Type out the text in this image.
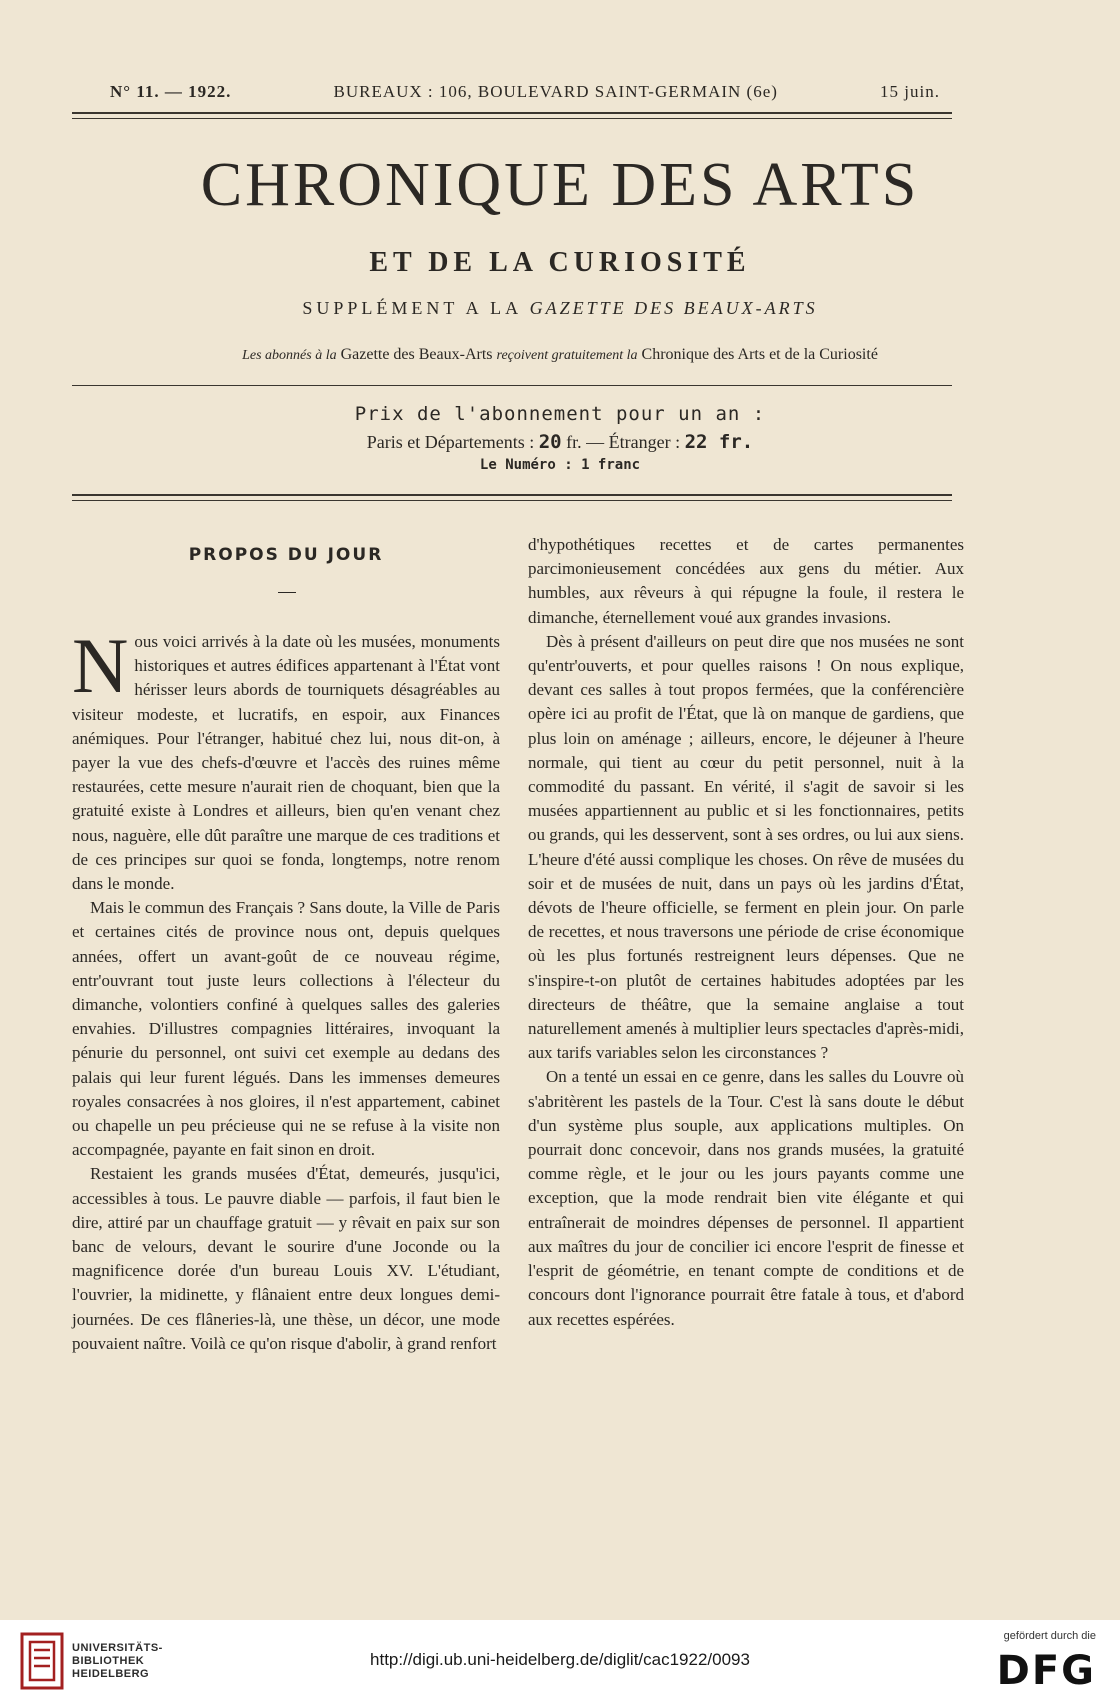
N° 11. — 1922.	BUREAUX : 106, BOULEVARD SAINT-GERMAIN (6e)	15 juin.
CHRONIQUE DES ARTS
ET DE LA CURIOSITÉ
SUPPLÉMENT A LA GAZETTE DES BEAUX-ARTS
Les abonnés à la Gazette des Beaux-Arts reçoivent gratuitement la Chronique des Arts et de la Curiosité
Prix de l'abonnement pour un an :
Paris et Départements : 20 fr. — Étranger : 22 fr.
Le Numéro : 1 franc
PROPOS DU JOUR

Nous voici arrivés à la date où les musées, monuments historiques et autres édifices appartenant à l'État vont hérisser leurs abords de tourniquets désagréables au visiteur modeste, et lucratifs, en espoir, aux Finances anémiques. Pour l'étranger, habitué chez lui, nous dit-on, à payer la vue des chefs-d'œuvre et l'accès des ruines même restaurées, cette mesure n'aurait rien de choquant, bien que la gratuité existe à Londres et ailleurs, bien qu'en venant chez nous, naguère, elle dût paraître une marque de ces traditions et de ces principes sur quoi se fonda, longtemps, notre renom dans le monde.

Mais le commun des Français ? Sans doute, la Ville de Paris et certaines cités de province nous ont, depuis quelques années, offert un avant-goût de ce nouveau régime, entr'ouvrant tout juste leurs collections à l'électeur du dimanche, volontiers confiné à quelques salles des galeries envahies. D'illustres compagnies littéraires, invoquant la pénurie du personnel, ont suivi cet exemple au dedans des palais qui leur furent légués. Dans les immenses demeures royales consacrées à nos gloires, il n'est appartement, cabinet ou chapelle un peu précieuse qui ne se refuse à la visite non accompagnée, payante en fait sinon en droit.

Restaient les grands musées d'État, demeurés, jusqu'ici, accessibles à tous. Le pauvre diable — parfois, il faut bien le dire, attiré par un chauffage gratuit — y rêvait en paix sur son banc de velours, devant le sourire d'une Joconde ou la magnificence dorée d'un bureau Louis XV. L'étudiant, l'ouvrier, la midinette, y flânaient entre deux longues demi-journées. De ces flâneries-là, une thèse, un décor, une mode pouvaient naître. Voilà ce qu'on risque d'abolir, à grand renfort

d'hypothétiques recettes et de cartes permanentes parcimonieusement concédées aux gens du métier. Aux humbles, aux rêveurs à qui répugne la foule, il restera le dimanche, éternellement voué aux grandes invasions.

Dès à présent d'ailleurs on peut dire que nos musées ne sont qu'entr'ouverts, et pour quelles raisons ! On nous explique, devant ces salles à tout propos fermées, que la conférencière opère ici au profit de l'État, que là on manque de gardiens, que plus loin on aménage ; ailleurs, encore, le déjeuner à l'heure normale, qui tient au cœur du petit personnel, nuit à la commodité du passant. En vérité, il s'agit de savoir si les musées appartiennent au public et si les fonctionnaires, petits ou grands, qui les desservent, sont à ses ordres, ou lui aux siens. L'heure d'été aussi complique les choses. On rêve de musées du soir et de musées de nuit, dans un pays où les jardins d'État, dévots de l'heure officielle, se ferment en plein jour. On parle de recettes, et nous traversons une période de crise économique où les plus fortunés restreignent leurs dépenses. Que ne s'inspire-t-on plutôt de certaines habitudes adoptées par les directeurs de théâtre, que la semaine anglaise a tout naturellement amenés à multiplier leurs spectacles d'après-midi, aux tarifs variables selon les circonstances ?

On a tenté un essai en ce genre, dans les salles du Louvre où s'abritèrent les pastels de la Tour. C'est là sans doute le début d'un système plus souple, aux applications multiples. On pourrait donc concevoir, dans nos grands musées, la gratuité comme règle, et le jour ou les jours payants comme une exception, que la mode rendrait bien vite élégante et qui entraînerait de moindres dépenses de personnel. Il appartient aux maîtres du jour de concilier ici encore l'esprit de finesse et l'esprit de géométrie, en tenant compte de conditions et de concours dont l'ignorance pourrait être fatale à tous, et d'abord aux recettes espérées.

UNIVERSITÄTS-
BIBLIOTHEK
HEIDELBERG
http://digi.ub.uni-heidelberg.de/diglit/cac1922/0093
gefördert durch die
DFG
